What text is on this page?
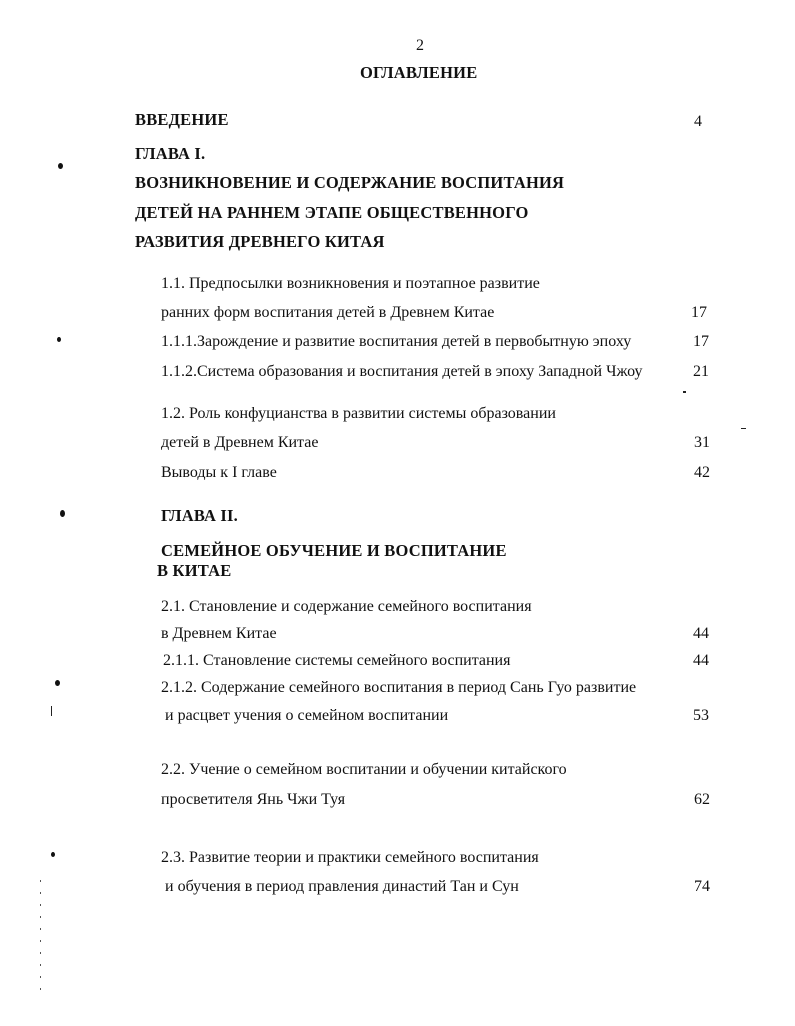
2
ОГЛАВЛЕНИЕ
ВВЕДЕНИЕ	4
ГЛАВА I.
ВОЗНИКНОВЕНИЕ И СОДЕРЖАНИЕ ВОСПИТАНИЯ
ДЕТЕЙ НА РАННЕМ ЭТАПЕ ОБЩЕСТВЕННОГО
РАЗВИТИЯ ДРЕВНЕГО КИТАЯ
1.1. Предпосылки возникновения и поэтапное развитие
ранних форм воспитания детей в Древнем Китае	17
1.1.1.Зарождение и развитие воспитания детей в первобытную эпоху	17
1.1.2.Система образования и воспитания детей в эпоху Западной Чжоу	21
1.2. Роль конфуцианства в развитии системы образовании
детей в Древнем Китае	31
Выводы к I главе	42
ГЛАВА II.
СЕМЕЙНОЕ ОБУЧЕНИЕ И ВОСПИТАНИЕ
В КИТАЕ
2.1. Становление и содержание семейного воспитания
в Древнем Китае	44
2.1.1. Становление системы семейного воспитания	44
2.1.2. Содержание семейного воспитания в период Сань Гуо развитие
и расцвет учения о семейном воспитании	53
2.2. Учение о семейном воспитании и обучении китайского
просветителя Янь Чжи Туя	62
2.3. Развитие теории и практики семейного воспитания
и обучения в период правления династий Тан и Сун	74
